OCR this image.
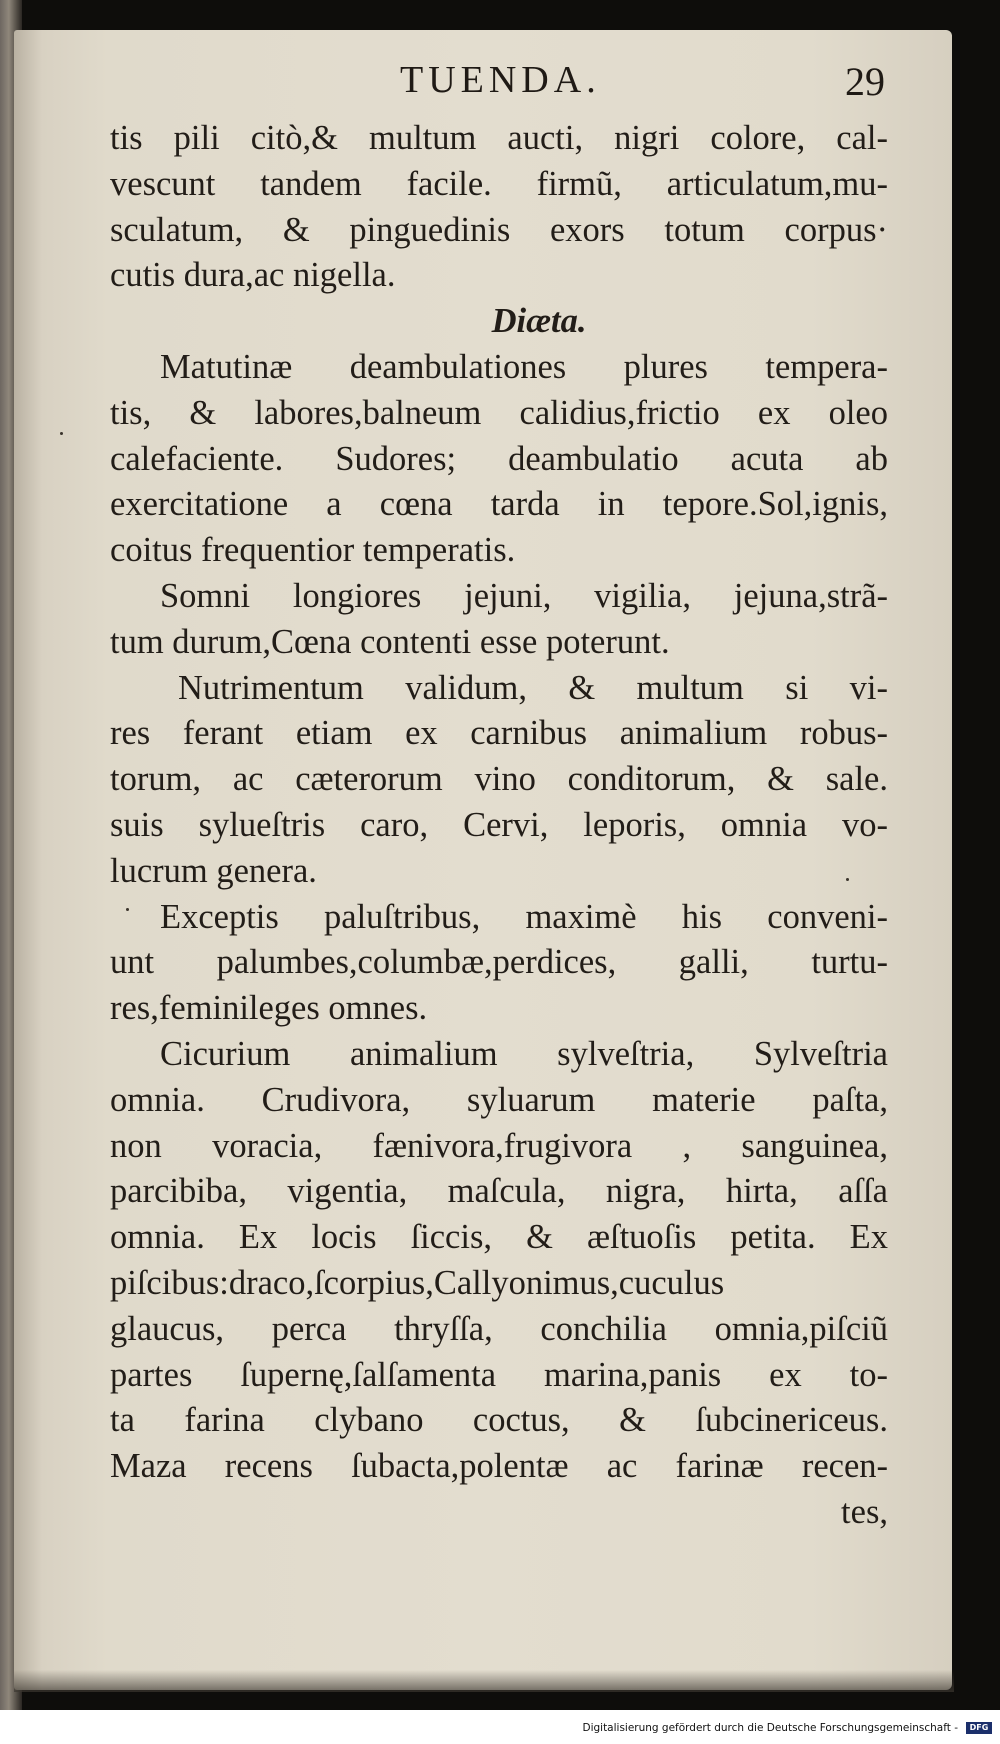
TUENDA.	29
tis pili citò,& multum aucti, nigri colore, cal-
vescunt tandem facile. firmũ, articulatum,mu-
sculatum, & pinguedinis exors totum corpus·
cutis dura,ac nigella.
Diæta.
Matutinæ deambulationes plures tempera-
tis, & labores,balneum calidius,frictio ex oleo
calefaciente. Sudores; deambulatio acuta ab
exercitatione a cœna tarda in tepore.Sol,ignis,
coitus frequentior temperatis.
Somni longiores jejuni, vigilia, jejuna,strã-
tum durum,Cœna contenti esse poterunt.
Nutrimentum validum, & multum si vi-
res ferant etiam ex carnibus animalium robus-
torum, ac cæterorum vino conditorum, & sale.
suis sylueſtris caro, Cervi, leporis, omnia vo-
lucrum genera.
Exceptis paluſtribus, maximè his conveni-
unt palumbes,columbæ,perdices, galli, turtu-
res,feminileges omnes.
Cicurium animalium sylveſtria, Sylveſtria
omnia. Crudivora, syluarum materie paſta,
non voracia, fænivora,frugivora , sanguinea,
parcibiba, vigentia, maſcula, nigra, hirta, aſſa
omnia. Ex locis ſiccis, & æſtuoſis petita. Ex
piſcibus:draco,ſcorpius,Callyonimus,cuculus
glaucus, perca thryſſa, conchilia omnia,piſciũ
partes ſupernę,ſalſamenta marina,panis ex to-
ta farina clybano coctus, & ſubcinericeus.
Maza recens ſubacta,polentæ ac farinæ recen-
tes,
Digitalisierung gefördert durch die Deutsche Forschungsgemeinschaft -	DFG
